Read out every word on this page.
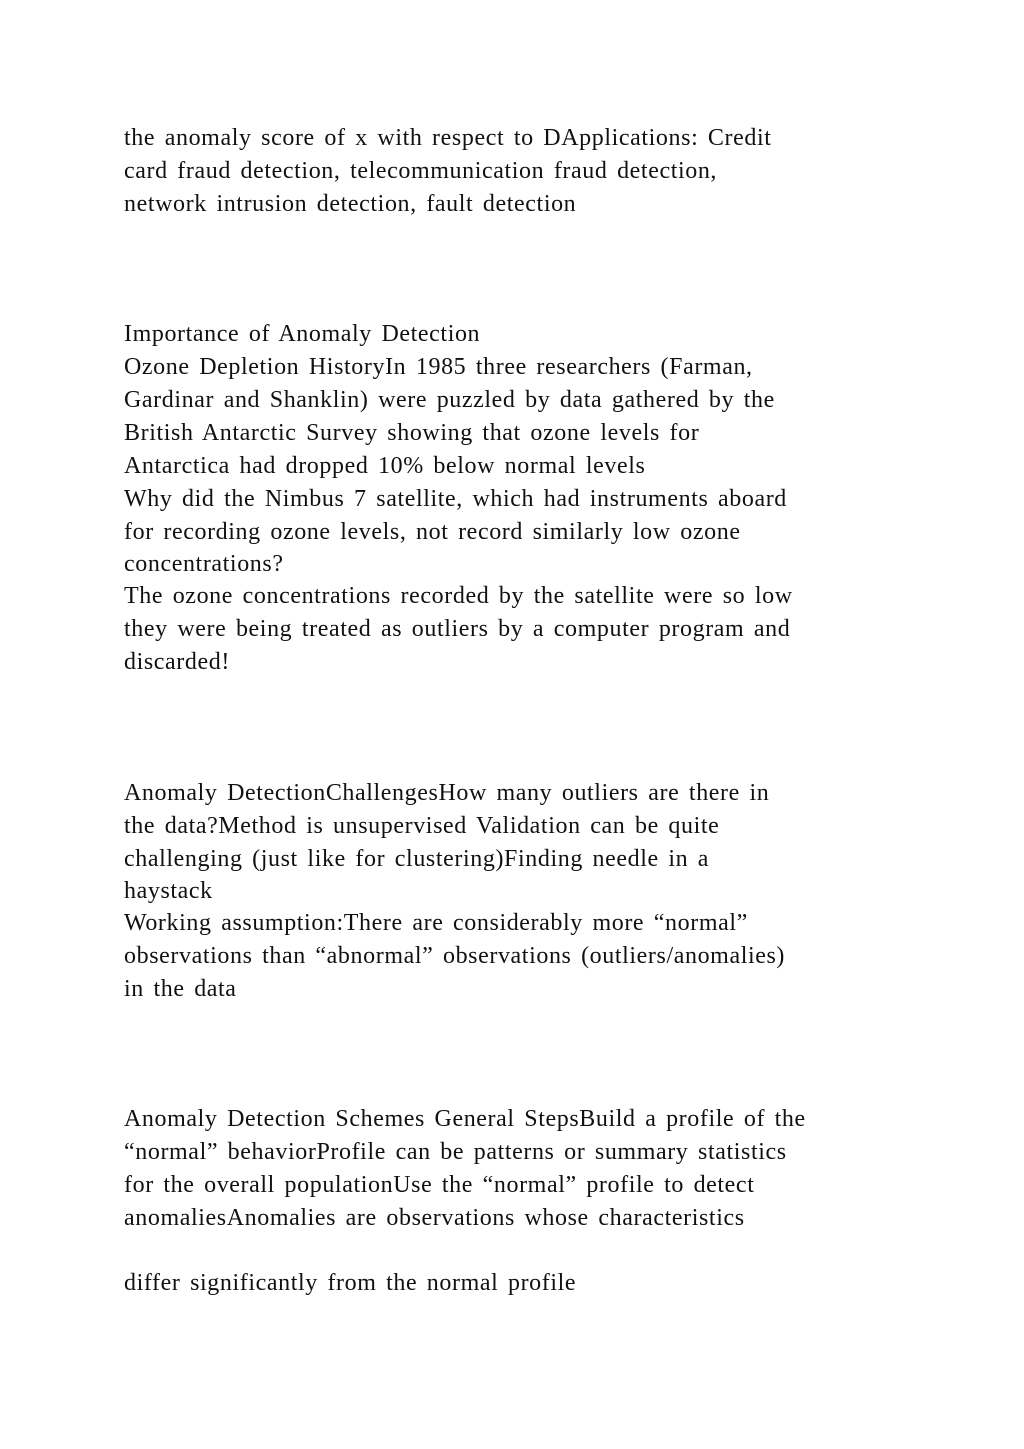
the anomaly score of x with respect to DApplications: Credit
card fraud detection, telecommunication fraud detection,
network intrusion detection, fault detection
Importance of Anomaly Detection
Ozone Depletion HistoryIn 1985 three researchers (Farman,
Gardinar and Shanklin) were puzzled by data gathered by the
British Antarctic Survey showing that ozone levels for
Antarctica had dropped 10% below normal levels
Why did the Nimbus 7 satellite, which had instruments aboard
for recording ozone levels, not record similarly low ozone
concentrations?
The ozone concentrations recorded by the satellite were so low
they were being treated as outliers by a computer program and
discarded!
Anomaly DetectionChallengesHow many outliers are there in
the data?Method is unsupervised Validation can be quite
challenging (just like for clustering)Finding needle in a
haystack
Working assumption:There are considerably more “normal”
observations than “abnormal” observations (outliers/anomalies)
in the data
Anomaly Detection Schemes General StepsBuild a profile of the
“normal” behaviorProfile can be patterns or summary statistics
for the overall populationUse the “normal” profile to detect
anomaliesAnomalies are observations whose characteristics
differ significantly from the normal profile
